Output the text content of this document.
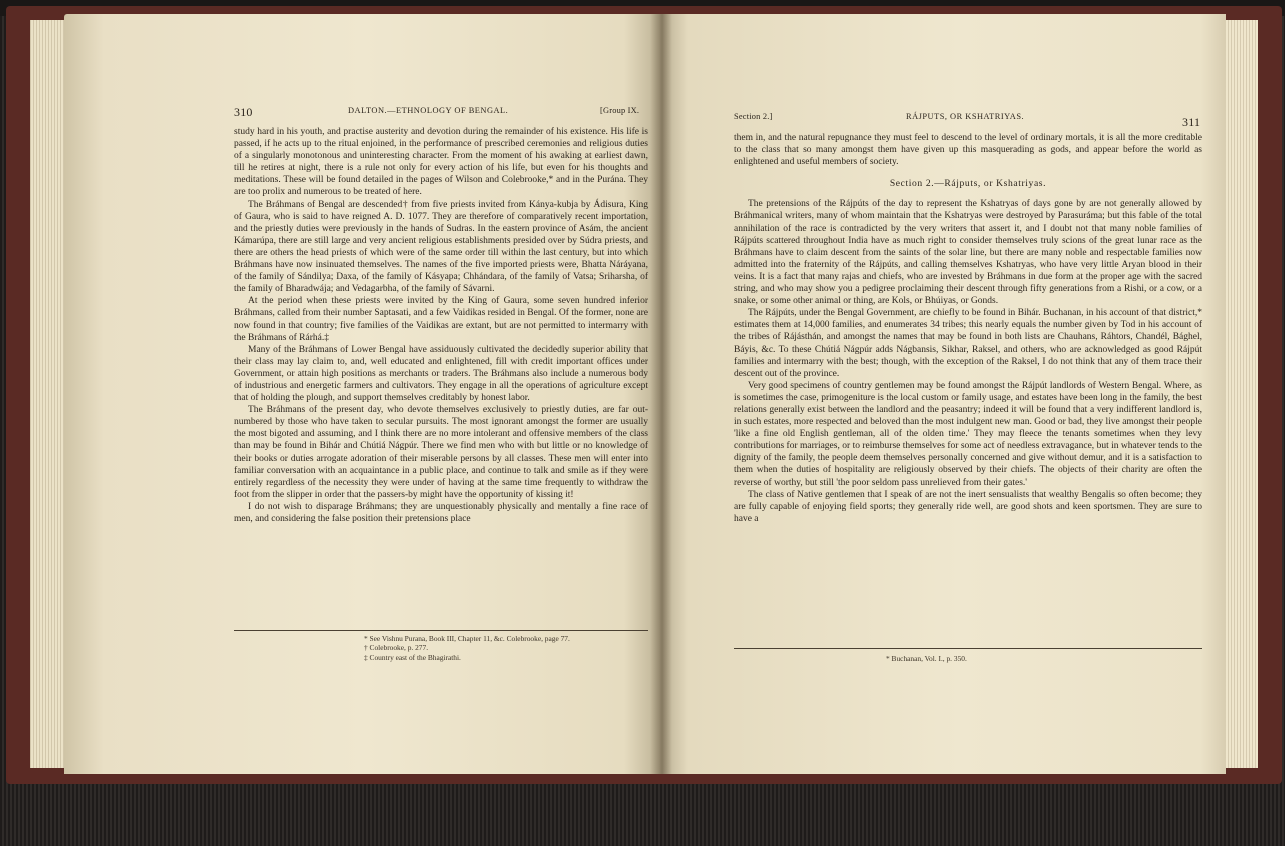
310	DALTON.—ETHNOLOGY OF BENGAL.	[Group IX.

study hard in his youth, and practise austerity and devotion during the remainder of his existence. His life is passed, if he acts up to the ritual enjoined, in the performance of prescribed ceremonies and religious duties of a singularly monotonous and uninteresting character. From the moment of his awaking at earliest dawn, till he retires at night, there is a rule not only for every action of his life, but even for his thoughts and meditations. These will be found detailed in the pages of Wilson and Colebrooke,* and in the Purána. They are too prolix and numerous to be treated of here.

The Bráhmans of Bengal are descended† from five priests invited from Kánya-kubja by Ádisura, King of Gaura, who is said to have reigned A. D. 1077. They are therefore of comparatively recent importation, and the priestly duties were previously in the hands of Sudras. In the eastern province of Asám, the ancient Kámarúpa, there are still large and very ancient religious establishments presided over by Súdra priests, and there are others the head priests of which were of the same order till within the last century, but into which Bráhmans have now insinuated themselves. The names of the five imported priests were, Bhatta Náráyana, of the family of Sándilya; Daxa, of the family of Kásyapa; Chhándara, of the family of Vatsa; Sriharsha, of the family of Bharadwája; and Vedagarbha, of the family of Sávarni.

At the period when these priests were invited by the King of Gaura, some seven hundred inferior Bráhmans, called from their number Saptasati, and a few Vaidikas resided in Bengal. Of the former, none are now found in that country; five families of the Vaidikas are extant, but are not permitted to intermarry with the Bráhmans of Rárhá.‡

Many of the Bráhmans of Lower Bengal have assiduously cultivated the decidedly superior ability that their class may lay claim to, and, well educated and enlightened, fill with credit important offices under Government, or attain high positions as merchants or traders. The Bráhmans also include a numerous body of industrious and energetic farmers and cultivators. They engage in all the operations of agriculture except that of holding the plough, and support themselves creditably by honest labor.

The Bráhmans of the present day, who devote themselves exclusively to priestly duties, are far out-numbered by those who have taken to secular pursuits. The most ignorant amongst the former are usually the most bigoted and assuming, and I think there are no more intolerant and offensive members of the class than may be found in Bihár and Chútiá Nágpúr. There we find men who with but little or no knowledge of their books or duties arrogate adoration of their miserable persons by all classes. These men will enter into familiar conversation with an acquaintance in a public place, and continue to talk and smile as if they were entirely regardless of the necessity they were under of having at the same time frequently to withdraw the foot from the slipper in order that the passers-by might have the opportunity of kissing it!

I do not wish to disparage Bráhmans; they are unquestionably physically and mentally a fine race of men, and considering the false position their pretensions place

* See Vishnu Purana, Book III, Chapter 11, &c. Colebrooke, page 77.
† Colebrooke, p. 277.
‡ Country east of the Bhagirathi.
Section 2.]	RÁJPUTS, OR KSHATRIYAS.	311

them in, and the natural repugnance they must feel to descend to the level of ordinary mortals, it is all the more creditable to the class that so many amongst them have given up this masquerading as gods, and appear before the world as enlightened and useful members of society.

Section 2.—Rájputs, or Kshatriyas.

The pretensions of the Rájpúts of the day to represent the Kshatryas of days gone by are not generally allowed by Bráhmanical writers, many of whom maintain that the Kshatryas were destroyed by Parasuráma; but this fable of the total annihilation of the race is contradicted by the very writers that assert it, and I doubt not that many noble families of Rájpúts scattered throughout India have as much right to consider themselves truly scions of the great lunar race as the Bráhmans have to claim descent from the saints of the solar line, but there are many noble and respectable families now admitted into the fraternity of the Rájpúts, and calling themselves Kshatryas, who have very little Aryan blood in their veins. It is a fact that many rajas and chiefs, who are invested by Bráhmans in due form at the proper age with the sacred string, and who may show you a pedigree proclaiming their descent through fifty generations from a Rishi, or a cow, or a snake, or some other animal or thing, are Kols, or Bhúiyas, or Gonds.

The Rájpúts, under the Bengal Government, are chiefly to be found in Bihár. Buchanan, in his account of that district,* estimates them at 14,000 families, and enumerates 34 tribes; this nearly equals the number given by Tod in his account of the tribes of Rájásthán, and amongst the names that may be found in both lists are Chauhans, Ráhtors, Chandél, Bághel, Báyis, &c. To these Chútiá Nágpúr adds Nágbansis, Sikhar, Raksel, and others, who are acknowledged as good Rájpút families and intermarry with the best; though, with the exception of the Raksel, I do not think that any of them trace their descent out of the province.

Very good specimens of country gentlemen may be found amongst the Rájpút landlords of Western Bengal. Where, as is sometimes the case, primogeniture is the local custom or family usage, and estates have been long in the family, the best relations generally exist between the landlord and the peasantry; indeed it will be found that a very indifferent landlord is, in such estates, more respected and beloved than the most indulgent new man. Good or bad, they live amongst their people 'like a fine old English gentleman, all of the olden time.' They may fleece the tenants sometimes when they levy contributions for marriages, or to reimburse themselves for some act of needless extravagance, but in whatever tends to the dignity of the family, the people deem themselves personally concerned and give without demur, and it is a satisfaction to them when the duties of hospitality are religiously observed by their chiefs. The objects of their charity are often the reverse of worthy, but still 'the poor seldom pass unrelieved from their gates.'

The class of Native gentlemen that I speak of are not the inert sensualists that wealthy Bengalis so often become; they are fully capable of enjoying field sports; they generally ride well, are good shots and keen sportsmen. They are sure to have a

* Buchanan, Vol. I., p. 350.
